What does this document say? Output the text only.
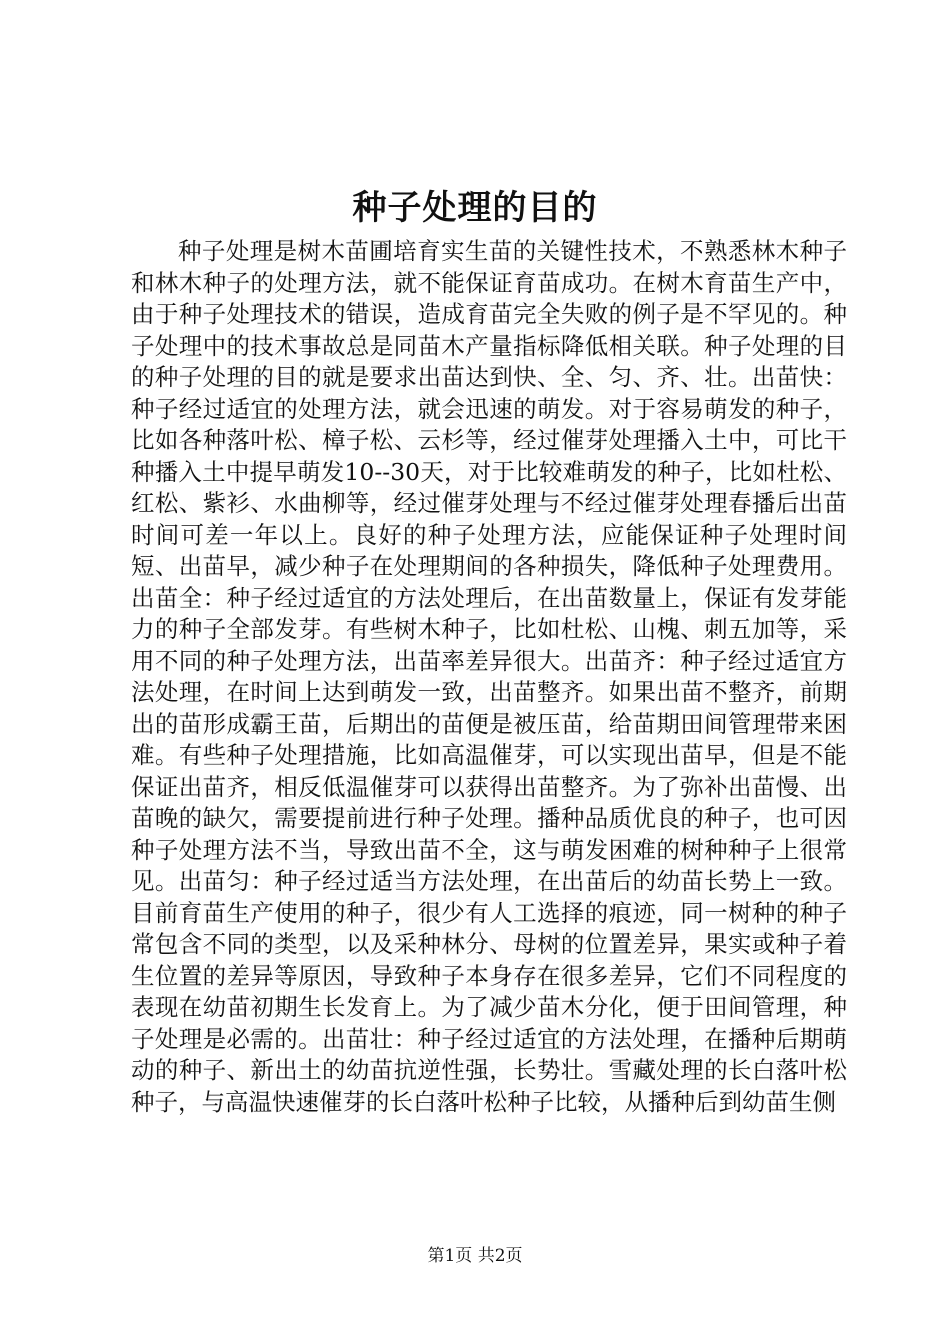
种子处理的目的

种子处理是树木苗圃培育实生苗的关键性技术，不熟悉林木种子和林木种子的处理方法，就不能保证育苗成功。在树木育苗生产中，由于种子处理技术的错误，造成育苗完全失败的例子是不罕见的。种子处理中的技术事故总是同苗木产量指标降低相关联。种子处理的目的种子处理的目的就是要求出苗达到快、全、匀、齐、壮。出苗快：种子经过适宜的处理方法，就会迅速的萌发。对于容易萌发的种子，比如各种落叶松、樟子松、云杉等，经过催芽处理播入土中，可比干种播入土中提早萌发10--30天，对于比较难萌发的种子，比如杜松、红松、紫衫、水曲柳等，经过催芽处理与不经过催芽处理春播后出苗时间可差一年以上。良好的种子处理方法，应能保证种子处理时间短、出苗早，减少种子在处理期间的各种损失，降低种子处理费用。出苗全：种子经过适宜的方法处理后，在出苗数量上，保证有发芽能力的种子全部发芽。有些树木种子，比如杜松、山槐、刺五加等，采用不同的种子处理方法，出苗率差异很大。出苗齐：种子经过适宜方法处理，在时间上达到萌发一致，出苗整齐。如果出苗不整齐，前期出的苗形成霸王苗，后期出的苗便是被压苗，给苗期田间管理带来困难。有些种子处理措施，比如高温催芽，可以实现出苗早，但是不能保证出苗齐，相反低温催芽可以获得出苗整齐。为了弥补出苗慢、出苗晚的缺欠，需要提前进行种子处理。播种品质优良的种子，也可因种子处理方法不当，导致出苗不全，这与萌发困难的树种种子上很常见。出苗匀：种子经过适当方法处理，在出苗后的幼苗长势上一致。目前育苗生产使用的种子，很少有人工选择的痕迹，同一树种的种子常包含不同的类型，以及采种林分、母树的位置差异，果实或种子着生位置的差异等原因，导致种子本身存在很多差异，它们不同程度的表现在幼苗初期生长发育上。为了减少苗木分化，便于田间管理，种子处理是必需的。出苗壮：种子经过适宜的方法处理，在播种后期萌动的种子、新出土的幼苗抗逆性强，长势壮。雪藏处理的长白落叶松种子，与高温快速催芽的长白落叶松种子比较，从播种后到幼苗生侧

第1页 共2页
